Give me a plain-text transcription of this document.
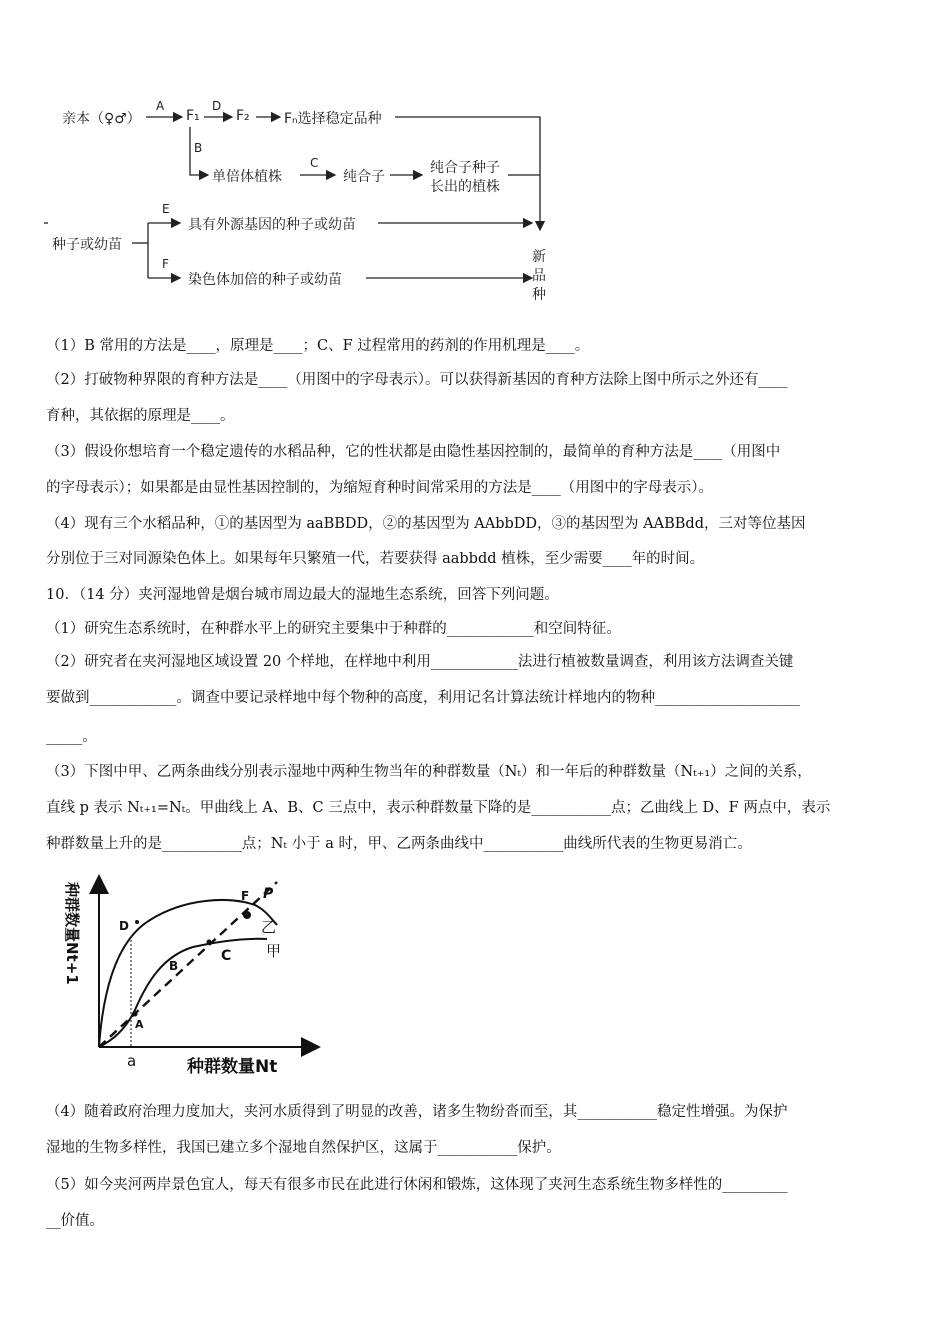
亲本（♀♂）
A
F₁
D
F₂ Fₙ选择稳定品种
B
单倍体植株
C
纯合子
纯合子种子
长出的植株
种子或幼苗
E
具有外源基因的种子或幼苗
F
染色体加倍的种子或幼苗
新
品
种
（1）B 常用的方法是____，原理是____；C、F 过程常用的药剂的作用机理是____。
（2）打破物种界限的育种方法是____（用图中的字母表示）。可以获得新基因的育种方法除上图中所示之外还有____
育种，其依据的原理是____。
（3）假设你想培育一个稳定遗传的水稻品种，它的性状都是由隐性基因控制的，最简单的育种方法是____（用图中
的字母表示）；如果都是由显性基因控制的，为缩短育种时间常采用的方法是____（用图中的字母表示）。
（4）现有三个水稻品种，①的基因型为 aaBBDD，②的基因型为 AAbbDD，③的基因型为 AABBdd，三对等位基因
分别位于三对同源染色体上。如果每年只繁殖一代，若要获得 aabbdd 植株，至少需要____年的时间。
10．（14 分）夹河湿地曾是烟台城市周边最大的湿地生态系统，回答下列问题。
（1）研究生态系统时，在种群水平上的研究主要集中于种群的____________和空间特征。
（2）研究者在夹河湿地区域设置 20 个样地，在样地中利用____________法进行植被数量调查，利用该方法调查关键
要做到____________。调查中要记录样地中每个物种的高度，利用记名计算法统计样地内的物种____________________
_____。
（3）下图中甲、乙两条曲线分别表示湿地中两种生物当年的种群数量（Nₜ）和一年后的种群数量（Nₜ₊₁）之间的关系，
直线 p 表示 Nₜ₊₁=Nₜ。甲曲线上 A、B、C 三点中，表示种群数量下降的是___________点；乙曲线上 D、F 两点中，表示
种群数量上升的是___________点；Nₜ 小于 a 时，甲、乙两条曲线中___________曲线所代表的生物更易消亡。
（4）随着政府治理力度加大，夹河水质得到了明显的改善，诸多生物纷沓而至，其___________稳定性增强。为保护
湿地的生物多样性，我国已建立多个湿地自然保护区，这属于___________保护。
（5）如今夹河两岸景色宜人，每天有很多市民在此进行休闲和锻炼，这体现了夹河生态系统生物多样性的_________
__价值。
种群数量Nt+1
种群数量Nt
a
D
F P
乙
B
C 甲
A
